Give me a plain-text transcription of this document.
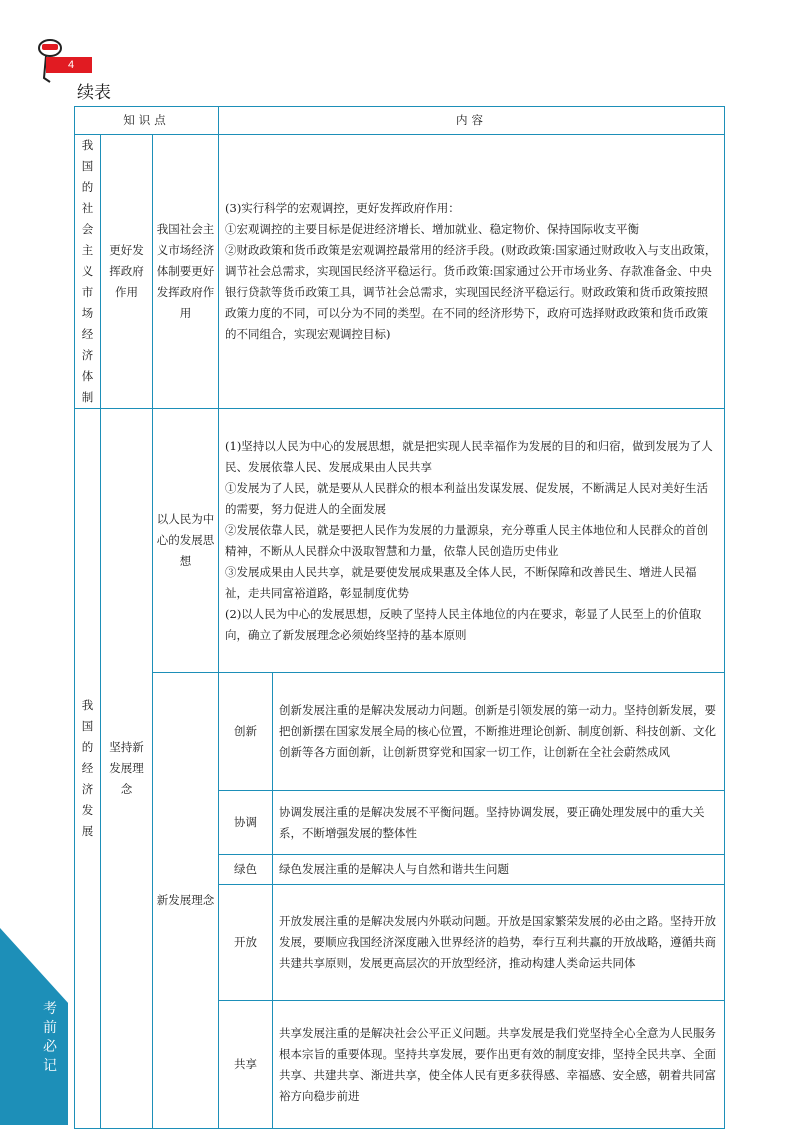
4
续表
知识点			内容	
我国的社会主义市场经济体制	更好发挥政府作用	我国社会主义市场经济体制要更好发挥政府作用	(3)实行科学的宏观调控，更好发挥政府作用：

①宏观调控的主要目标是促进经济增长、增加就业、稳定物价、保持国际收支平衡

②财政政策和货币政策是宏观调控最常用的经济手段。(财政政策:国家通过财政收入与支出政策，调节社会总需求，实现国民经济平稳运行。货币政策:国家通过公开市场业务、存款准备金、中央银行贷款等货币政策工具，调节社会总需求，实现国民经济平稳运行。财政政策和货币政策按照政策力度的不同，可以分为不同的类型。在不同的经济形势下，政府可选择财政政策和货币政策的不同组合，实现宏观调控目标)	

我国的经济发展	坚持新发展理念	以人民为中心的发展思想	(1)坚持以人民为中心的发展思想，就是把实现人民幸福作为发展的目的和归宿，做到发展为了人民、发展依靠人民、发展成果由人民共享

①发展为了人民，就是要从人民群众的根本利益出发谋发展、促发展，不断满足人民对美好生活的需要，努力促进人的全面发展

②发展依靠人民，就是要把人民作为发展的力量源泉，充分尊重人民主体地位和人民群众的首创精神，不断从人民群众中汲取智慧和力量，依靠人民创造历史伟业

③发展成果由人民共享，就是要使发展成果惠及全体人民，不断保障和改善民生、增进人民福祉，走共同富裕道路，彰显制度优势

(2)以人民为中心的发展思想，反映了坚持人民主体地位的内在要求，彰显了人民至上的价值取向，确立了新发展理念必须始终坚持的基本原则	

		新发展理念	创新	创新发展注重的是解决发展动力问题。创新是引领发展的第一动力。坚持创新发展，要把创新摆在国家发展全局的核心位置，不断推进理论创新、制度创新、科技创新、文化创新等各方面创新，让创新贯穿党和国家一切工作，让创新在全社会蔚然成风
			协调	协调发展注重的是解决发展不平衡问题。坚持协调发展，要正确处理发展中的重大关系，不断增强发展的整体性
			绿色	绿色发展注重的是解决人与自然和谐共生问题
			开放	开放发展注重的是解决发展内外联动问题。开放是国家繁荣发展的必由之路。坚持开放发展，要顺应我国经济深度融入世界经济的趋势，奉行互利共赢的开放战略，遵循共商共建共享原则，发展更高层次的开放型经济，推动构建人类命运共同体
			共享	共享发展注重的是解决社会公平正义问题。共享发展是我们党坚持全心全意为人民服务根本宗旨的重要体现。坚持共享发展，要作出更有效的制度安排，坚持全民共享、全面共享、共建共享、渐进共享，使全体人民有更多获得感、幸福感、安全感，朝着共同富裕方向稳步前进
考前必记
